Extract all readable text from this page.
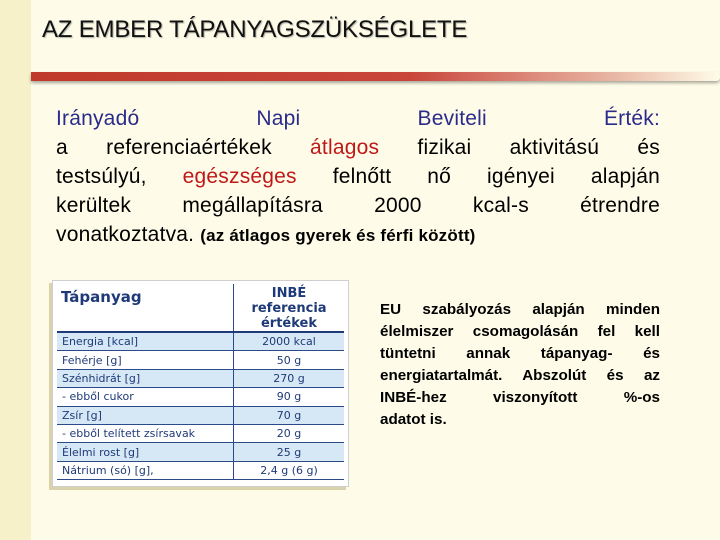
AZ EMBER TÁPANYAGSZÜKSÉGLETE
Irányadó Napi Beviteli Érték:
a referenciaértékek átlagos fizikai aktivitású és
testsúlyú, egészséges felnőtt nő igényei alapján
kerültek megállapításra 2000 kcal-s étrendre
vonatkoztatva. (az átlagos gyerek és férfi között)
Tápanyag	INBÉ referencia
értékek
Energia [kcal]	2000 kcal
Fehérje [g]	50 g
Szénhidrát [g]	270 g
- ebből cukor	90 g
Zsír [g]	70 g
- ebből telített zsírsavak	20 g
Élelmi rost [g]	25 g
Nátrium (só) [g],	2,4 g (6 g)
EU szabályozás alapján minden
élelmiszer csomagolásán fel kell
tüntetni annak tápanyag- és
energiatartalmát. Abszolút és az
INBÉ-hez viszonyított %-os
adatot is.
